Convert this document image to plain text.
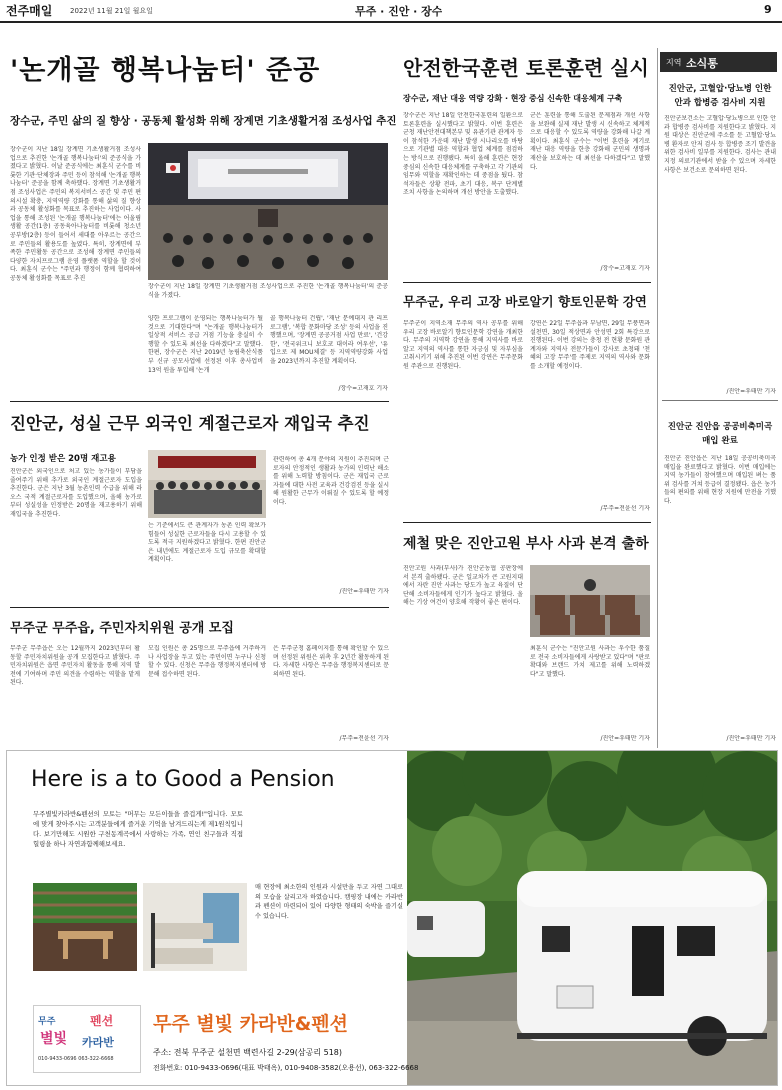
전주매일	2022년 11월 21일 월요일	무주 · 진안 · 장수	9
'논개골 행복나눔터' 준공
장수군, 주민 삶의 질 향상 · 공동체 활성화 위해 장계면 기초생활거점 조성사업 추진
장수군이 지난 18일 장계면 기초생활거점 조성사업으로 추진한 '논개골 행복나눔터'의 준공식을 가졌다고 밝혔다. 이날 준공식에는 최훈식 군수를 비롯한 기관·단체장과 주민 등이 참석해 '논개골 행복나눔터' 준공을 함께 축하했다. 장계면 기초생활거점 조성사업은 주민의 복지서비스 공간 및 주민 편의시설 확충, 지역역량 강화를 통해 삶의 질 향상과 공동체 활성화를 목표로 추진하는 사업이다. 사업을 통해 조성된 '논개골 행복나눔터'에는 어울림생활 공간(1층) 공동육아나눔터를 비롯해 청소년 공부방(2층) 등이 들어서 세대를 아우르는 공간으로 주민들의 활용도를 높였다. 특히, 장계면에 부족한 주민활동 공간으로 조성해 장계면 주민들의 다양한 자치프로그램 운영 플랫폼 역할을 할 것이다. 최훈식 군수는 "주민과 행정이 함께 협력하여 공동체 활성화를 목표로 추진
장수군이 지난 18일 장계면 기초생활거점 조성사업으로 추진한 '논개골 행복나눔터'의 준공식을 가졌다.
양한 프로그램이 운영되는 행복나눔터가 될 것으로 기대한다"며 "논개골 행복나눔터가 일상적 서비스 공급 거점 기능을 충실히 수행할 수 있도록 최선을 다하겠다"고 말했다. 한편, 장수군은 지난 2019년 농림축산식품부 신규 공모사업에 선정된 이후 총사업비 13억 원을 투입해 '논개
골 행복나눔터 건립', '재난 문예대지 관 리프로그램', '복합 문화마당 조성' 등의 사업을 진행했으며, '장계면 공공거점 사업 만료', '건강한', '전국위크니 보호코 대이라 여우선', '유입으로 제 MOU체결' 등 지역역량강화 사업을 2023년까지 추진할 계획이다.
/장수=고재호 기자
안전한국훈련 토론훈련 실시
장수군, 재난 대응 역량 강화 · 현장 중심 신속한 대응체계 구축
장수군은 지난 18일 안전한국훈련의 일환으로 토론훈련을 실시했다고 밝혔다. 이번 훈련은 군청 재난안전대책본부 및 유관기관 관계자 등이 참석한 가운데 재난 발생 시나리오를 바탕으로 기관별 대응 역할과 협업 체계를 점검하는 방식으로 진행됐다. 특히 올해 훈련은 현장 중심의 신속한 대응체계를 구축하고 각 기관의 임무와 역할을 재확인하는 데 중점을 뒀다. 참석자들은 상황 전파, 초기 대응, 복구 단계별 조치 사항을 논의하며 개선 방안을 도출했다.
군은 훈련을 통해 도출된 문제점과 개선 사항을 보완해 실제 재난 발생 시 신속하고 체계적으로 대응할 수 있도록 역량을 강화해 나갈 계획이다. 최훈식 군수는 "이번 훈련을 계기로 재난 대응 역량을 한층 강화해 군민의 생명과 재산을 보호하는 데 최선을 다하겠다"고 말했다.
/장수=고재호 기자
무주군, 우리 고장 바로알기 향토인문학 강연
무주군이 지역소재 무주의 역사 공부를 위해 우리 고장 바로알기 향토인문학 강연을 개최한다. 무주의 지역학 강연을 통해 지역사를 바로 알고 지역의 역사를 통한 자긍심 및 자부심을 고취시키기 위해 추진된 이번 강연은 무주문화원 주관으로 진행된다.
강연은 22일 무주읍과 부남면, 29일 무풍면과 설천면, 30일 적상면과 안성면 2회 특강으로 진행된다. 이번 강의는 충청 전 현황 문화원 관계자와 지역사 전문가들이 강사로 초청돼 '천혜의 고장 무주'를 주제로 지역의 역사와 문화를 소개할 예정이다.
/무주=전윤선 기자
진안군, 성실 근무 외국인 계절근로자 재입국 추진
농가 인정 받은 20명 재고용
진안군은 외국인으로 처고 있는 농가들이 부담을 줄여주기 위해 추가로 외국인 계절근로자 도입을 추진한다. 군은 지난 3월 농촌인력 수급을 위해 라오스 국적 계절근로자를 도입했으며, 올해 농가로부터 성실성을 인정받은 20명을 재고용하기 위해 재입국을 추진한다.
는 기준에서도 큰 관계자가 농촌 인력 확보가 힘들어 성실한 근로자들을 다시 고용할 수 있도록 적극 지원하겠다고 밝혔다. 한편 진안군은 내년에도 계절근로자 도입 규모를 확대할 계획이다.
관련하여 총 4개 분야의 지원이 추진되며 근로자의 안정적인 생활과 농가의 인력난 해소를 위해 노력할 방침이다. 군은 재입국 근로자들에 대한 사전 교육과 건강검진 등을 실시해 원활한 근무가 이뤄질 수 있도록 할 예정이다.
/진안=우태만 기자
무주군 무주읍, 주민자치위원 공개 모집
무주군 무주읍은 오는 12월까지 2023년부터 활동할 주민자치위원을 공개 모집한다고 밝혔다. 주민자치위원은 읍면 주민자치 활동을 통해 지역 발전에 기여하며 주민 의견을 수렴하는 역할을 맡게 된다.
모집 인원은 총 25명으로 무주읍에 거주하거나 사업장을 두고 있는 주민이면 누구나 신청할 수 있다. 신청은 무주읍 행정복지센터에 방문해 접수하면 된다.
은 무주군청 홈페이지를 통해 확인할 수 있으며 선정된 위원은 위촉 후 2년간 활동하게 된다. 자세한 사항은 무주읍 행정복지센터로 문의하면 된다.
/무주=전윤선 기자
제철 맞은 진안고원 부사 사과 본격 출하
진안고원 사과(부사)가 진안군농협 공판장에서 본격 출하됐다. 군은 일교차가 큰 고원지대에서 자란 진안 사과는 당도가 높고 육질이 단단해 소비자들에게 인기가 높다고 밝혔다. 올해는 기상 여건이 양호해 작황이 좋은 편이다.
최훈식 군수는 "진안고원 사과는 우수한 품질로 전국 소비자들에게 사랑받고 있다"며 "판로 확대와 브랜드 가치 제고를 위해 노력하겠다"고 말했다.
/진안=우태만 기자
지역 소식통
진안군, 고혈압·당뇨병 인한 안과 합병증 검사비 지원
진안군보건소는 고혈압·당뇨병으로 인한 안과 합병증 검사비를 지원한다고 밝혔다. 지원 대상은 진안군에 주소를 둔 고혈압·당뇨병 환자로 안저 검사 등 합병증 조기 발견을 위한 검사비 일부를 지원한다. 검사는 관내 지정 의료기관에서 받을 수 있으며 자세한 사항은 보건소로 문의하면 된다.
/진안=우태만 기자
진안군 진안읍 공공비축미곡 매입 완료
진안군 진안읍은 지난 18일 공공비축미곡 매입을 완료했다고 밝혔다. 이번 매입에는 지역 농가들이 참여했으며 매입된 벼는 품위 검사를 거쳐 등급이 결정됐다. 읍은 농가들의 편의를 위해 현장 지원에 만전을 기했다.
/진안=우태만 기자
Here is a to Good a Pension
무주별빛카라반&펜션의 모토는 "머무는 모든이들을 즐겁게!"입니다. 모토에 맞게 찾아주시는 고객분들에게 즐거운 기억을 남겨드리는게 제1원칙입니다. 보기만해도 시원한 구천동계곡에서 사랑하는 가족, 연인 친구들과 직접 힐링을 하나 자연과함께해보세요.
매 현장에 최소한의 인원과 시설만을 두고 자연 그대로의 모습을 살리고자 하였습니다. 캠핑장 내에는 카라반과 펜션이 마련되어 있어 다양한 형태의 숙박을 즐기실 수 있습니다.
무주
별빛
펜션
카라반
010-9433-0696 063-322-6668
무주 별빛 카라반&펜션
주소: 전북 무주군 설천면 백련사길 2-29(삼공리 518)
전화번호: 010-9433-0696(대표 박태옥), 010-9408-3582(오용선), 063-322-6668
